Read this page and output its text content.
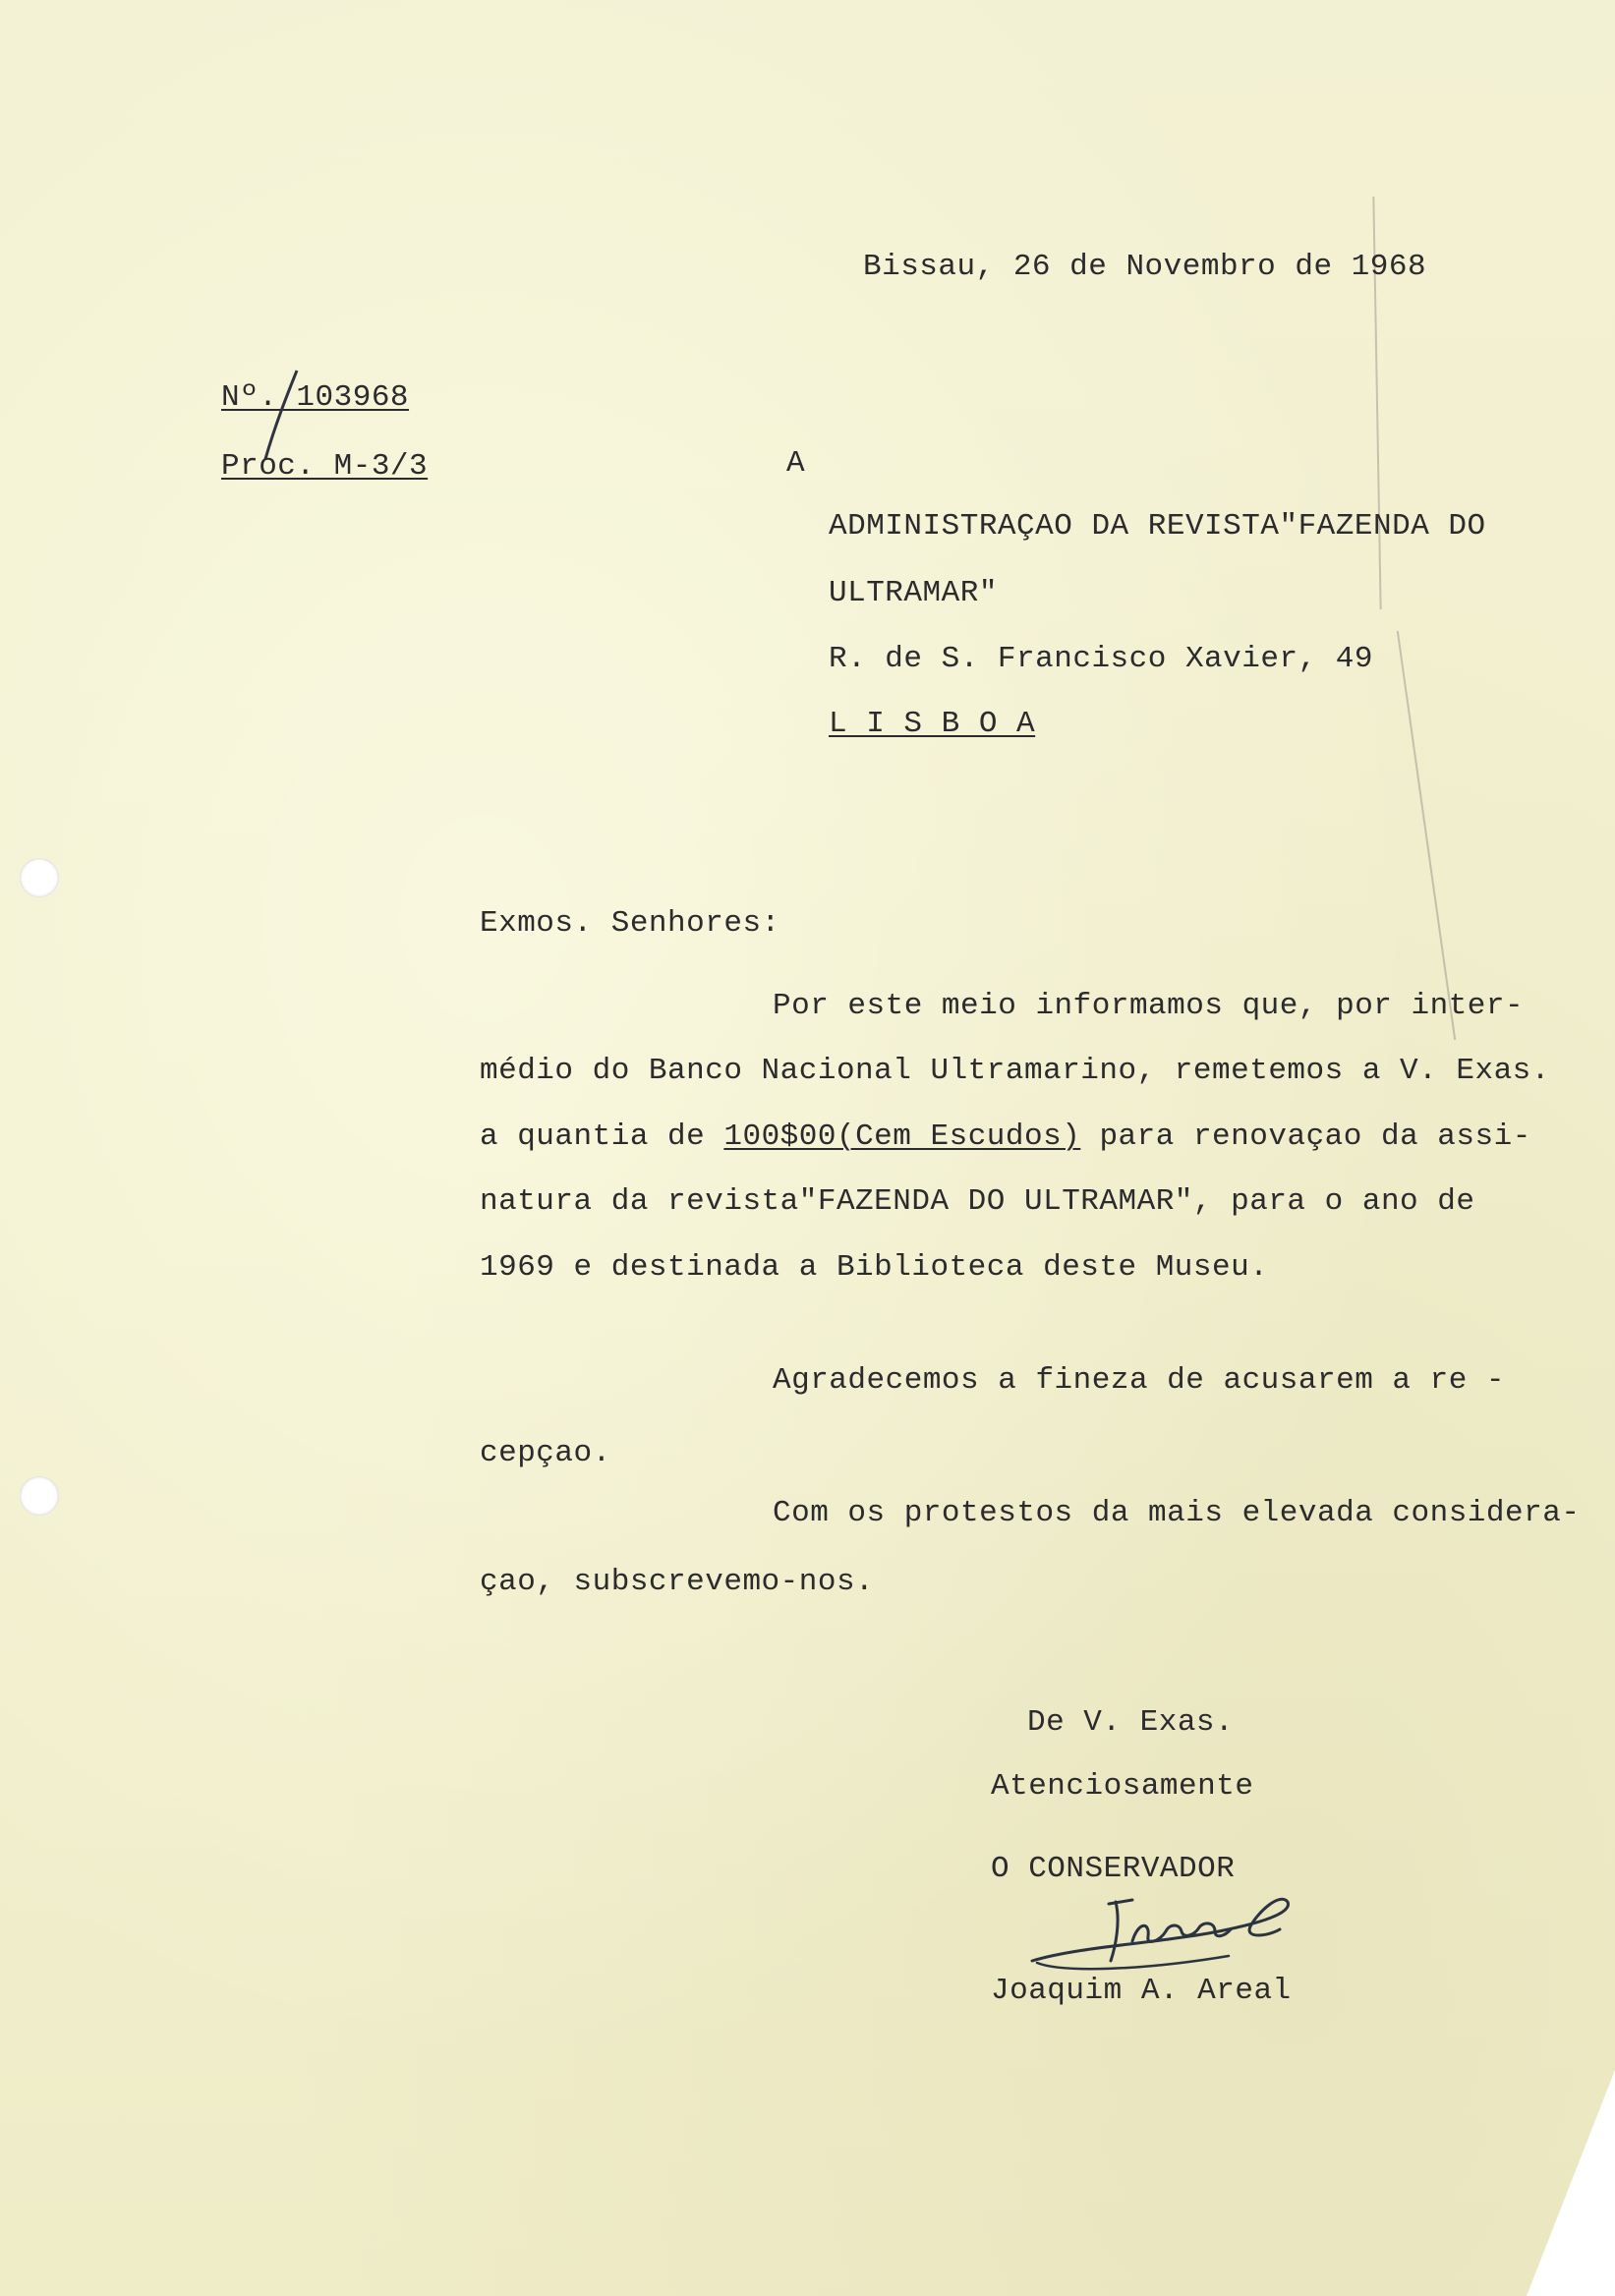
Bissau, 26 de Novembro de 1968
Nº. 103968
Proc. M-3/3	A
ADMINISTRAÇAO DA REVISTA"FAZENDA DO
ULTRAMAR"
R. de S. Francisco Xavier, 49
L I S B O A
Exmos. Senhores:
Por este meio informamos que, por inter-
médio do Banco Nacional Ultramarino, remetemos a V. Exas.
a quantia de 100$00(Cem Escudos) para renovaçao da assi-
natura da revista"FAZENDA DO ULTRAMAR", para o ano de
1969 e destinada a Biblioteca deste Museu.
Agradecemos a fineza de acusarem a re -
cepçao.
Com os protestos da mais elevada considera-
çao, subscrevemo-nos.
De V. Exas.
Atenciosamente
O CONSERVADOR
Joaquim A. Areal
